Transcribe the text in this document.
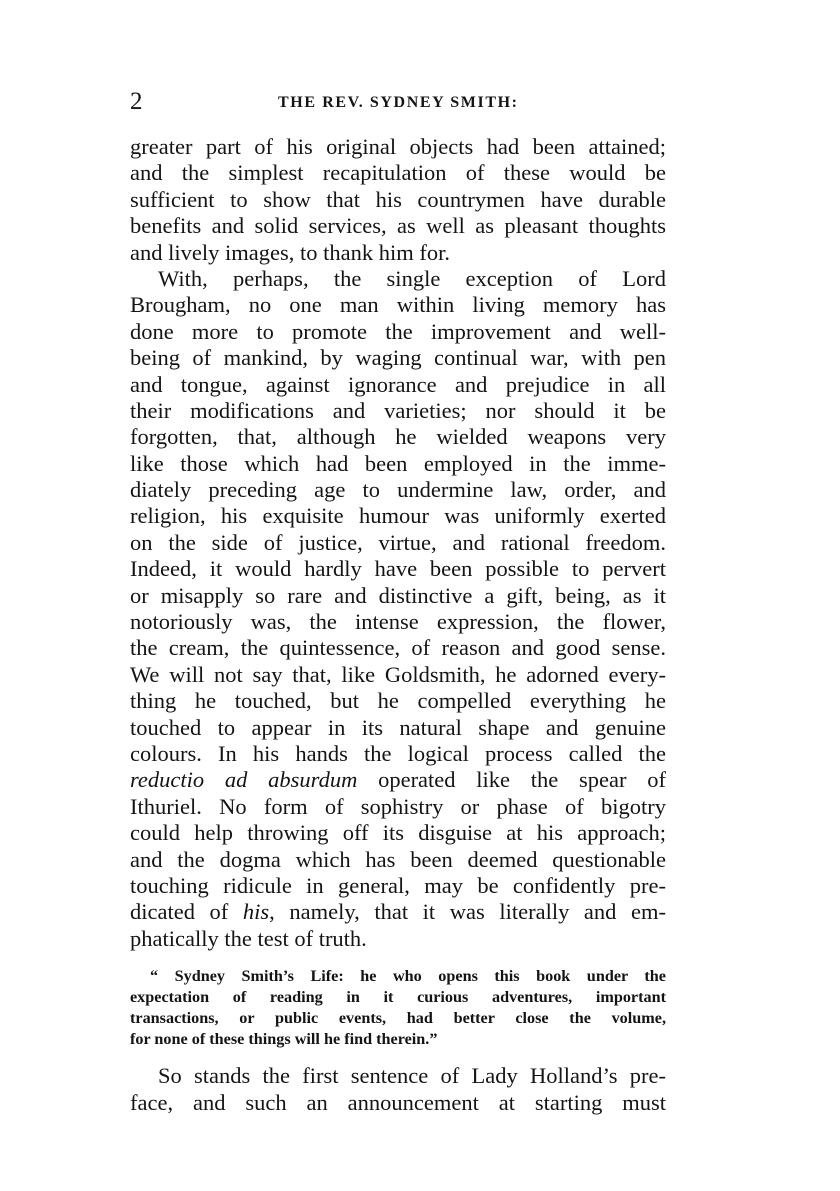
2	THE REV. SYDNEY SMITH:
greater part of his original objects had been attained;
and the simplest recapitulation of these would be
sufficient to show that his countrymen have durable
benefits and solid services, as well as pleasant thoughts
and lively images, to thank him for.
With, perhaps, the single exception of Lord
Brougham, no one man within living memory has
done more to promote the improvement and well-
being of mankind, by waging continual war, with pen
and tongue, against ignorance and prejudice in all
their modifications and varieties; nor should it be
forgotten, that, although he wielded weapons very
like those which had been employed in the imme-
diately preceding age to undermine law, order, and
religion, his exquisite humour was uniformly exerted
on the side of justice, virtue, and rational freedom.
Indeed, it would hardly have been possible to pervert
or misapply so rare and distinctive a gift, being, as it
notoriously was, the intense expression, the flower,
the cream, the quintessence, of reason and good sense.
We will not say that, like Goldsmith, he adorned every-
thing he touched, but he compelled everything he
touched to appear in its natural shape and genuine
colours. In his hands the logical process called the
reductio ad absurdum operated like the spear of
Ithuriel. No form of sophistry or phase of bigotry
could help throwing off its disguise at his approach;
and the dogma which has been deemed questionable
touching ridicule in general, may be confidently pre-
dicated of his, namely, that it was literally and em-
phatically the test of truth.
“ Sydney Smith’s Life: he who opens this book under the
expectation of reading in it curious adventures, important
transactions, or public events, had better close the volume,
for none of these things will he find therein.”
So stands the first sentence of Lady Holland’s pre-
face, and such an announcement at starting must
